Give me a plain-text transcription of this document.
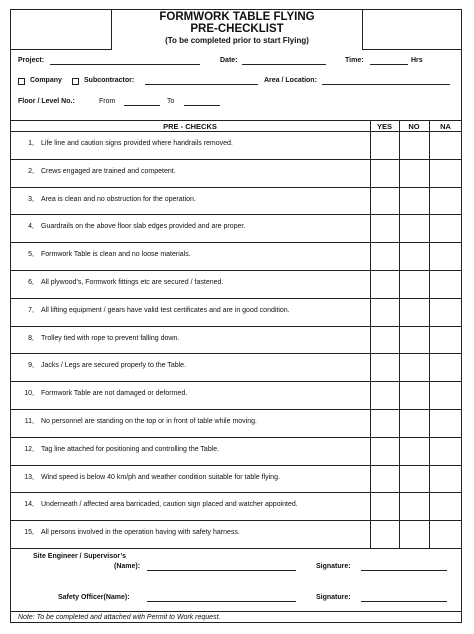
FORMWORK TABLE FLYING
PRE-CHECKLIST
(To be completed prior to start Flying)
Project:	Date:	Time:	Hrs
Company	Subcontractor:	Area / Location:
Floor / Level No.:	From	To
PRE - CHECKS	YES	NO	NA
1, Life line and caution signs provided where handrails removed.
2, Crews engaged are trained and competent.
3, Area is clean and no obstruction for the operation.
4, Guardrails on the above floor slab edges provided and are proper.
5, Formwork Table is clean and no loose materials.
6, All plywood’s, Formwork fittings etc are secured / fastened.
7, All lifting equipment / gears have valid test certificates and are in good condition.
8, Trolley tied with rope to prevent falling down.
9, Jacks / Legs are secured properly to the Table.
10, Formwork Table are not damaged or deformed.
11, No personnel are standing on the top or in front of table while moving.
12, Tag line attached for positioning and controlling the Table.
13, Wind speed is below 40 km/ph and weather condition suitable for table flying.
14, Underneath / affected area barricaded, caution sign placed and watcher appointed.
15, All persons involved in the operation having with safety harness.
Site Engineer / Supervisor’s
(Name):	Signature:
Safety Officer(Name):	Signature:
Note: To be completed and attached with Permit to Work request.
